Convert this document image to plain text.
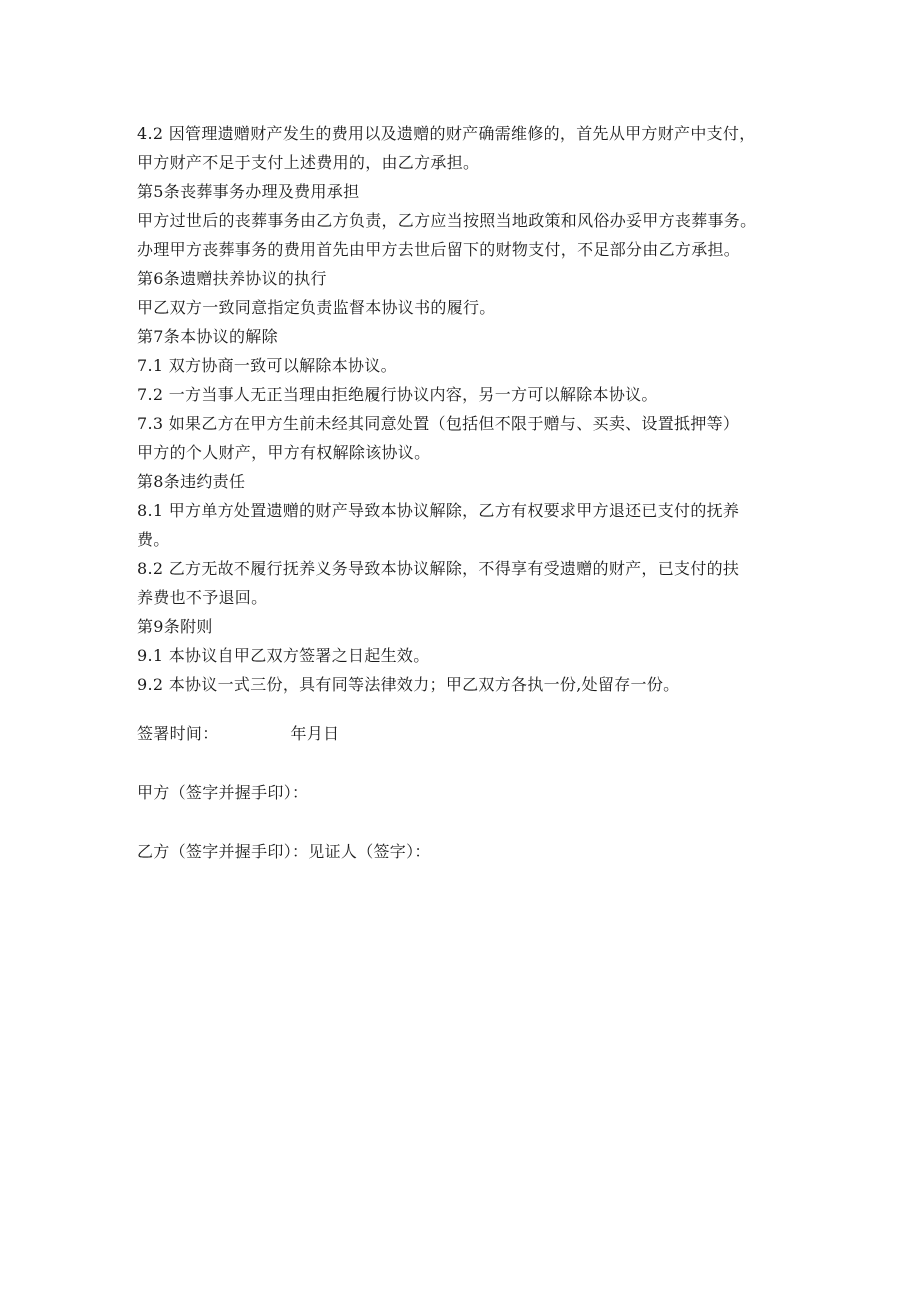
4.2 因管理遗赠财产发生的费用以及遗赠的财产确需维修的，首先从甲方财产中支付，
甲方财产不足于支付上述费用的，由乙方承担。
第5条丧葬事务办理及费用承担
甲方过世后的丧葬事务由乙方负责，乙方应当按照当地政策和风俗办妥甲方丧葬事务。
办理甲方丧葬事务的费用首先由甲方去世后留下的财物支付，不足部分由乙方承担。
第6条遗赠扶养协议的执行
甲乙双方一致同意指定负责监督本协议书的履行。
第7条本协议的解除
7.1 双方协商一致可以解除本协议。
7.2 一方当事人无正当理由拒绝履行协议内容，另一方可以解除本协议。
7.3 如果乙方在甲方生前未经其同意处置（包括但不限于赠与、买卖、设置抵押等）
甲方的个人财产，甲方有权解除该协议。
第8条违约责任
8.1 甲方单方处置遗赠的财产导致本协议解除，乙方有权要求甲方退还已支付的抚养
费。
8.2 乙方无故不履行抚养义务导致本协议解除，不得享有受遗赠的财产，已支付的扶
养费也不予退回。
第9条附则
9.1 本协议自甲乙双方签署之日起生效。
9.2 本协议一式三份，具有同等法律效力；甲乙双方各执一份,处留存一份。
签署时间：	年月日
甲方（签字并握手印）：
乙方（签字并握手印）：见证人（签字）：
